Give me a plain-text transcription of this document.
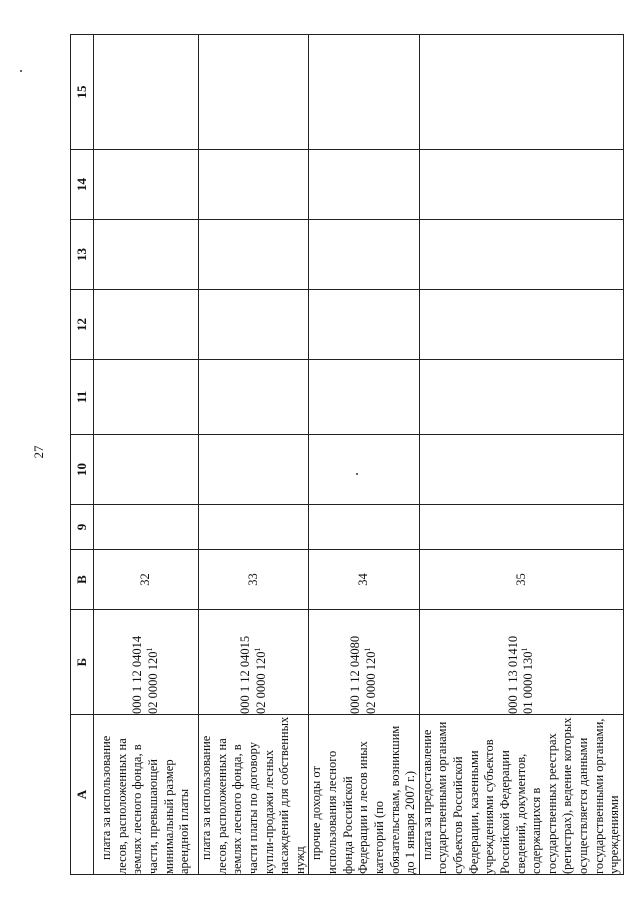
27
А	Б	В	9	10	11	12	13	14	15

плата за использование лесов, расположенных на землях лесного фонда, в части, превышающей минимальный размер арендной платы	000 1 12 04014 02 0000 $120^1$	32							

плата за использование лесов, расположенных на землях лесного фонда, в части платы по договору купли-продажи лесных насаждений для собственных нужд	000 1 12 04015 02 0000 $120^1$	33							

прочие доходы от использования лесного фонда Российской Федерации и лесов иных категорий (по обязательствам, возникшим до 1 января 2007 г.)	000 1 12 04080 02 0000 $120^1$	34							

плата за предоставление государственными органами субъектов Российской Федерации, казенными учреждениями субъектов Российской Федерации сведений, документов, содержащихся в государственных реестрах (регистрах), ведение которых осуществляется данными государственными органами, учреждениями	000 1 13 01410 01 0000 $130^1$	35							
